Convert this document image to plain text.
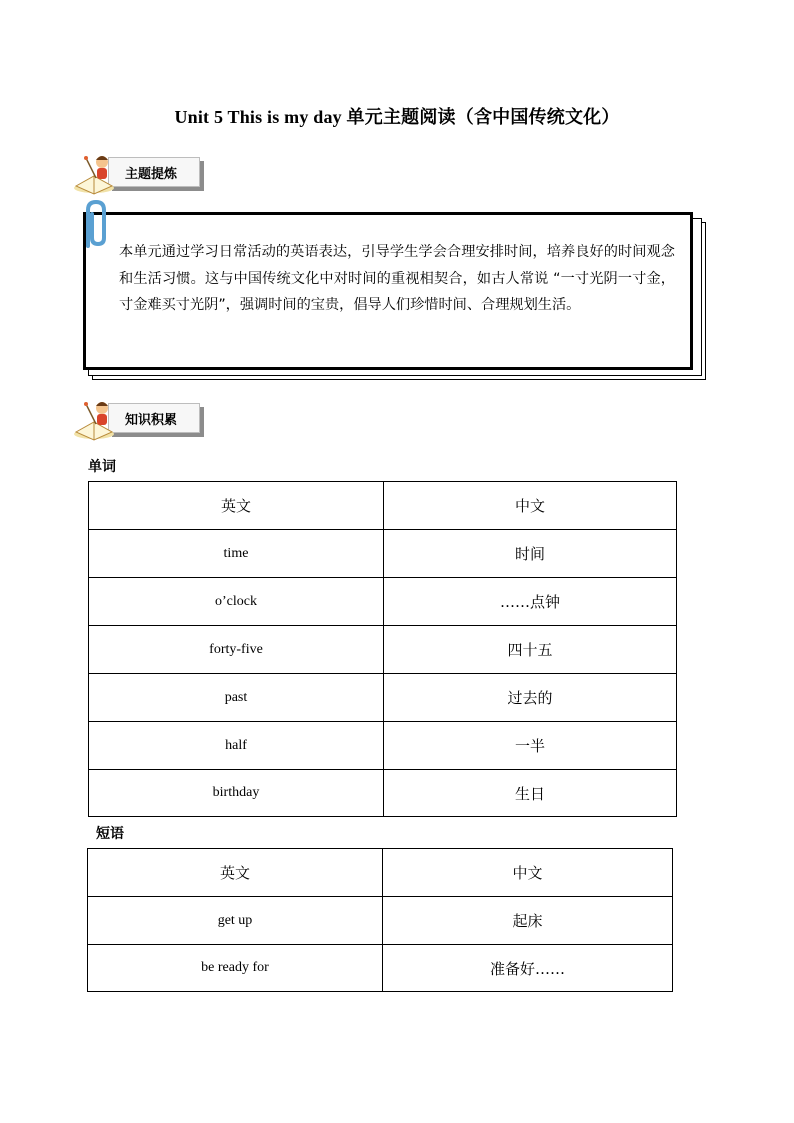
Unit 5 This is my day 单元主题阅读（含中国传统文化）
主题提炼

本单元通过学习日常活动的英语表达，引导学生学会合理安排时间，培养良好的时间观念和生活习惯。这与中国传统文化中对时间的重视相契合，如古人常说 “一寸光阴一寸金，寸金难买寸光阴”，强调时间的宝贵，倡导人们珍惜时间、合理规划生活。

知识积累
单词
英文	中文
time	时间
o’clock	……点钟
forty-five	四十五
past	过去的
half	一半
birthday	生日
短语
英文	中文
get up	起床
be ready for	准备好……
